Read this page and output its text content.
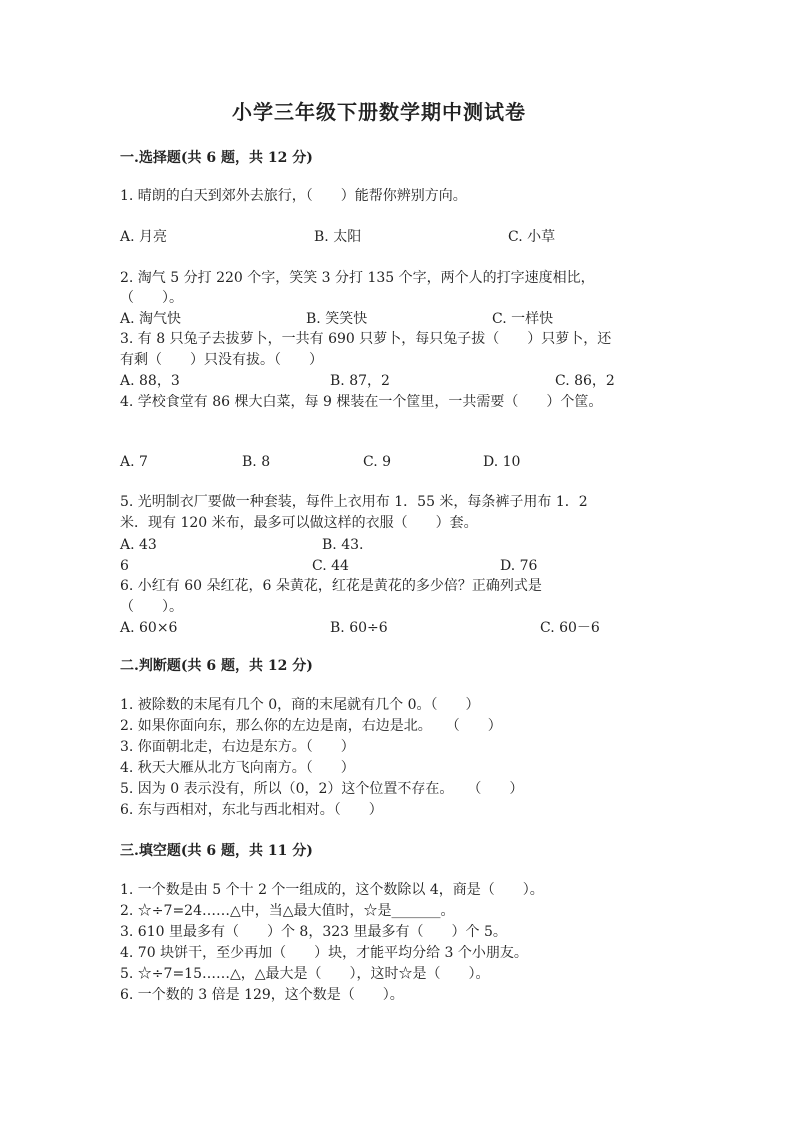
小学三年级下册数学期中测试卷
一.选择题(共 6 题，共 12 分)
1. 晴朗的白天到郊外去旅行，（　　）能帮你辨别方向。
A. 月亮	B. 太阳	C. 小草
2. 淘气 5 分打 220 个字，笑笑 3 分打 135 个字，两个人的打字速度相比，
（　　）。
A. 淘气快	B. 笑笑快	C. 一样快
3. 有 8 只兔子去拔萝卜，一共有 690 只萝卜，每只兔子拔（　　）只萝卜，还
有剩（　　）只没有拔。（　　）
A. 88，3	B. 87，2	C. 86，2
4. 学校食堂有 86 棵大白菜，每 9 棵装在一个筐里，一共需要（　　）个筐。
A. 7	B. 8	C. 9	D. 10
5. 光明制衣厂要做一种套装，每件上衣用布 1．55 米，每条裤子用布 1．2
米．现有 120 米布，最多可以做这样的衣服（　　）套。
A. 43	B. 43.
6	C. 44	D. 76
6. 小红有 60 朵红花，6 朵黄花，红花是黄花的多少倍？正确列式是
（　　）。
A. 60×6	B. 60÷6	C. 60－6
二.判断题(共 6 题，共 12 分)
1. 被除数的末尾有几个 0，商的末尾就有几个 0。（　　）
2. 如果你面向东，那么你的左边是南，右边是北。　　（　　）
3. 你面朝北走，右边是东方。（　　）
4. 秋天大雁从北方飞向南方。（　　）
5. 因为 0 表示没有，所以（0，2）这个位置不存在。　　（　　）
6. 东与西相对，东北与西北相对。（　　）
三.填空题(共 6 题，共 11 分)
1. 一个数是由 5 个十 2 个一组成的，这个数除以 4，商是（　　）。
2. ☆÷7=24……△中，当△最大值时，☆是_______。
3. 610 里最多有（　　）个 8，323 里最多有（　　）个 5。
4. 70 块饼干，至少再加（　　）块，才能平均分给 3 个小朋友。
5. ☆÷7=15……△，△最大是（　　），这时☆是（　　）。
6. 一个数的 3 倍是 129，这个数是（　　）。
